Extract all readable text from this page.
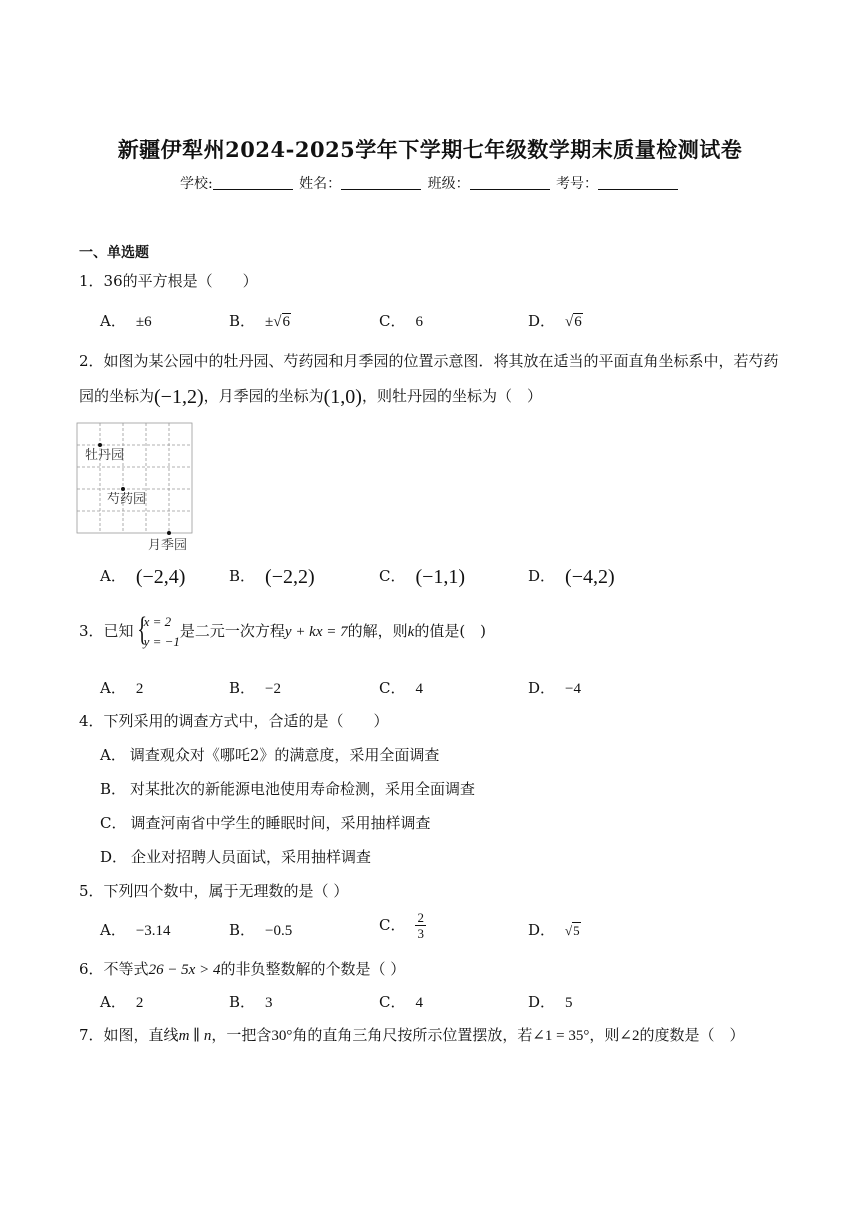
新疆伊犁州2024-2025学年下学期七年级数学期末质量检测试卷
学校:	姓名：	班级：	考号：
一、单选题
1．36的平方根是（　　）
A． ±6	B． ±√6	C． 6	D． √6
2．如图为某公园中的牡丹园、芍药园和月季园的位置示意图．将其放在适当的平面直角坐标系中，若芍药
园的坐标为(−1,2)，月季园的坐标为(1,0)，则牡丹园的坐标为（　）
牡丹园
芍药园
月季园
A． (−2,4)	B． (−2,2)	C． (−1,1)	D． (−4,2)
3．已知 {
x = 2
y = −1
是二元一次方程y + kx = 7的解，则k的值是(　)
A． 2	B． −2	C． 4	D． −4
4．下列采用的调查方式中，合适的是（　　）
A． 调查观众对《哪吒2》的满意度，采用全面调查
B． 对某批次的新能源电池使用寿命检测，采用全面调查
C． 调查河南省中学生的睡眠时间，采用抽样调查
D． 企业对招聘人员面试，采用抽样调查
5．下列四个数中，属于无理数的是（ ）
A． −3.14	B． −0.5	C． $\frac{2}{3}$	D． √5
6．不等式26 − 5x > 4的非负整数解的个数是（ ）
A． 2	B． 3	C． 4	D． 5
7．如图，直线m ∥ n，一把含30°角的直角三角尺按所示位置摆放，若∠1 = 35°，则∠2的度数是（　）
